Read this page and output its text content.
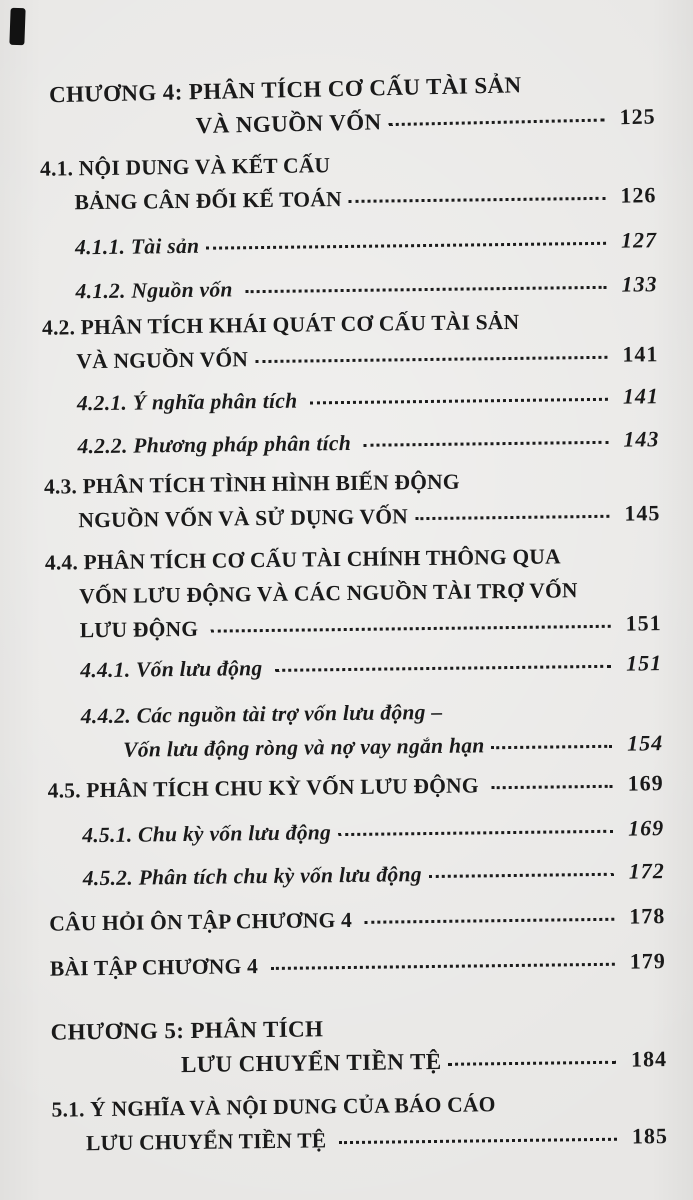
CHƯƠNG 4: PHÂN TÍCH CƠ CẤU TÀI SẢN
VÀ NGUỒN VỐN	125
4.1. NỘI DUNG VÀ KẾT CẤU
BẢNG CÂN ĐỐI KẾ TOÁN	126
4.1.1. Tài sản	127
4.1.2. Nguồn vốn	133
4.2. PHÂN TÍCH KHÁI QUÁT CƠ CẤU TÀI SẢN
VÀ NGUỒN VỐN	141
4.2.1. Ý nghĩa phân tích	141
4.2.2. Phương pháp phân tích	143
4.3. PHÂN TÍCH TÌNH HÌNH BIẾN ĐỘNG
NGUỒN VỐN VÀ SỬ DỤNG VỐN	145
4.4. PHÂN TÍCH CƠ CẤU TÀI CHÍNH THÔNG QUA
VỐN LƯU ĐỘNG VÀ CÁC NGUỒN TÀI TRỢ VỐN
LƯU ĐỘNG	151
4.4.1. Vốn lưu động	151
4.4.2. Các nguồn tài trợ vốn lưu động –
Vốn lưu động ròng và nợ vay ngắn hạn	154
4.5. PHÂN TÍCH CHU KỲ VỐN LƯU ĐỘNG	169
4.5.1. Chu kỳ vốn lưu động	169
4.5.2. Phân tích chu kỳ vốn lưu động	172
CÂU HỎI ÔN TẬP CHƯƠNG 4	178
BÀI TẬP CHƯƠNG 4	179
CHƯƠNG 5: PHÂN TÍCH
LƯU CHUYỂN TIỀN TỆ	184
5.1. Ý NGHĨA VÀ NỘI DUNG CỦA BÁO CÁO
LƯU CHUYỂN TIỀN TỆ	185
